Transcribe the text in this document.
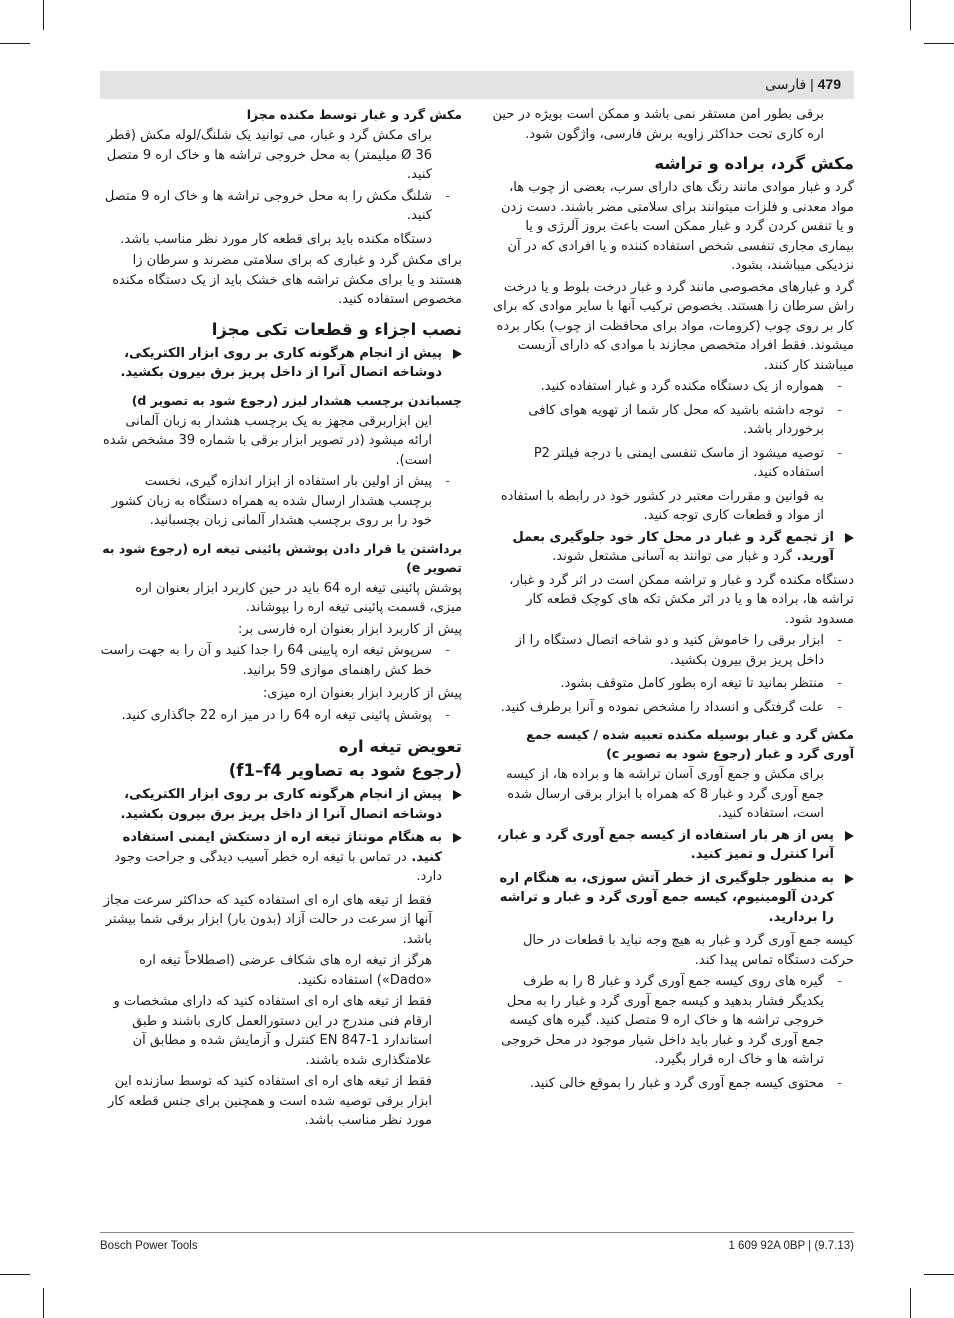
479 | فارسی
برقی بطور امن مستقر نمی باشد و ممکن است بویژه در حین اره کاری تحت حداکثر زاویه برش فارسی، واژگون شود.
مکش گرد، براده و تراشه
گرد و غبار موادی مانند رنگ های دارای سرب، بعضی از چوب ها، مواد معدنی و فلزات میتوانند برای سلامتی مضر باشند. دست زدن و یا تنفس کردن گرد و غبار ممکن است باعث بروز آلرژی و یا بیماری مجاری تنفسی شخص استفاده کننده و یا افرادی که در آن نزدیکی میباشند، بشود.
گرد و غبارهای مخصوصی مانند گرد و غبار درخت بلوط و یا درخت راش سرطان زا هستند. بخصوص ترکیب آنها با سایر موادی که برای کار بر روی چوب (کرومات، مواد برای محافظت از چوب) بکار برده میشوند. فقط افراد متخصص مجازند با موادی که دارای آزبست میباشند کار کنند.
- همواره از یک دستگاه مکنده گرد و غبار استفاده کنید.
- توجه داشته باشید که محل کار شما از تهویه هوای کافی برخوردار باشد.
- توصیه میشود از ماسک تنفسی ایمنی با درجه فیلتر P2 استفاده کنید.
به قوانین و مقررات معتبر در کشور خود در رابطه با استفاده از مواد و قطعات کاری توجه کنید.
از تجمع گرد و غبار در محل کار خود جلوگیری بعمل آورید. گرد و غبار می توانند به آسانی مشتعل شوند.
دستگاه مکنده گرد و غبار و تراشه ممکن است در اثر گرد و غبار، تراشه ها، براده ها و یا در اثر مکش تکه های کوچک قطعه کار مسدود شود.
- ابزار برقی را خاموش کنید و دو شاخه اتصال دستگاه را از داخل پریز برق بیرون بکشید.
- منتظر بمانید تا تیغه اره بطور کامل متوقف بشود.
- علت گرفتگی و انسداد را مشخص نموده و آنرا برطرف کنید.
مکش گرد و غبار بوسیله مکنده تعبیه شده / کیسه جمع آوری گرد و غبار (رجوع شود به تصویر c)
برای مکش و جمع آوری آسان تراشه ها و براده ها، از کیسه جمع آوری گرد و غبار 8 که همراه با ابزار برقی ارسال شده است، استفاده کنید.
پس از هر بار استفاده از کیسه جمع آوری گرد و غبار، آنرا کنترل و تمیز کنید.
به منظور جلوگیری از خطر آتش سوزی، به هنگام اره کردن آلومینیوم، کیسه جمع آوری گرد و غبار و تراشه را بردارید.
کیسه جمع آوری گرد و غبار به هیچ وجه نباید با قطعات در حال حرکت دستگاه تماس پیدا کند.
- گیره های روی کیسه جمع آوری گرد و غبار 8 را به طرف یکدیگر فشار بدهید و کیسه جمع آوری گرد و غبار را به محل خروجی تراشه ها و خاک اره 9 متصل کنید. گیره های کیسه جمع آوری گرد و غبار باید داخل شیار موجود در محل خروجی تراشه ها و خاک اره قرار بگیرد.
- محتوی کیسه جمع آوری گرد و غبار را بموقع خالی کنید.
مکش گرد و غبار توسط مکنده مجزا
برای مکش گرد و غبار، می توانید یک شلنگ/لوله مکش (قطر 36 Ø میلیمتر) به محل خروجی تراشه ها و خاک اره 9 متصل کنید.
- شلنگ مکش را به محل خروجی تراشه ها و خاک اره 9 متصل کنید.
دستگاه مکنده باید برای قطعه کار مورد نظر مناسب باشد.
برای مکش گرد و غباری که برای سلامتی مضرند و سرطان زا هستند و یا برای مکش تراشه های خشک باید از یک دستگاه مکنده مخصوص استفاده کنید.
نصب اجزاء و قطعات تکی مجزا
پیش از انجام هرگونه کاری بر روی ابزار الکتریکی، دوشاخه اتصال آنرا از داخل پریز برق بیرون بکشید.
چسباندن برچسب هشدار لیزر (رجوع شود به تصویر d)
این ابزاربرقی مجهز به یک برچسب هشدار به زبان آلمانی ارائه میشود (در تصویر ابزار برقی با شماره 39 مشخص شده است).
- پیش از اولین بار استفاده از ابزار اندازه گیری، نخست برچسب هشدار ارسال شده به همراه دستگاه به زبان کشور خود را بر روی برچسب هشدار آلمانی زبان بچسبانید.
برداشتن یا قرار دادن پوشش پائینی تیغه اره (رجوع شود به تصویر e)
پوشش پائینی تیغه اره 64 باید در حین کاربرد ابزار بعنوان اره میزی، قسمت پائینی تیغه اره را بپوشاند.
پیش از کاربرد ابزار بعنوان اره فارسی بر:
- سرپوش تیغه اره پایینی 64 را جدا کنید و آن را به جهت راست خط کش راهنمای موازی 59 برانید.
پیش از کاربرد ابزار بعنوان اره میزی:
- پوشش پائینی تیغه اره 64 را در میز اره 22 جاگذاری کنید.
تعویض تیغه اره
(رجوع شود به تصاویر f1–f4)
پیش از انجام هرگونه کاری بر روی ابزار الکتریکی، دوشاخه اتصال آنرا از داخل پریز برق بیرون بکشید.
به هنگام مونتاژ تیغه اره از دستکش ایمنی استفاده کنید. در تماس با تیغه اره خطر آسیب دیدگی و جراحت وجود دارد.
فقط از تیغه های اره ای استفاده کنید که حداکثر سرعت مجاز آنها از سرعت در حالت آزاد (بدون بار) ابزار برقی شما بیشتر باشد.
هرگز از تیغه اره های شکاف عرضی (اصطلاحاً تیغه اره «Dado») استفاده نکنید.
فقط از تیغه های اره ای استفاده کنید که دارای مشخصات و ارقام فنی مندرج در این دستورالعمل کاری باشند و طبق استاندارد EN 847-1 کنترل و آزمایش شده و مطابق آن علامتگذاری شده باشند.
فقط از تیغه های اره ای استفاده کنید که توسط سازنده این ابزار برقی توصیه شده است و همچنین برای جنس قطعه کار مورد نظر مناسب باشد.
Bosch Power Tools	1 609 92A 0BP | (9.7.13)
